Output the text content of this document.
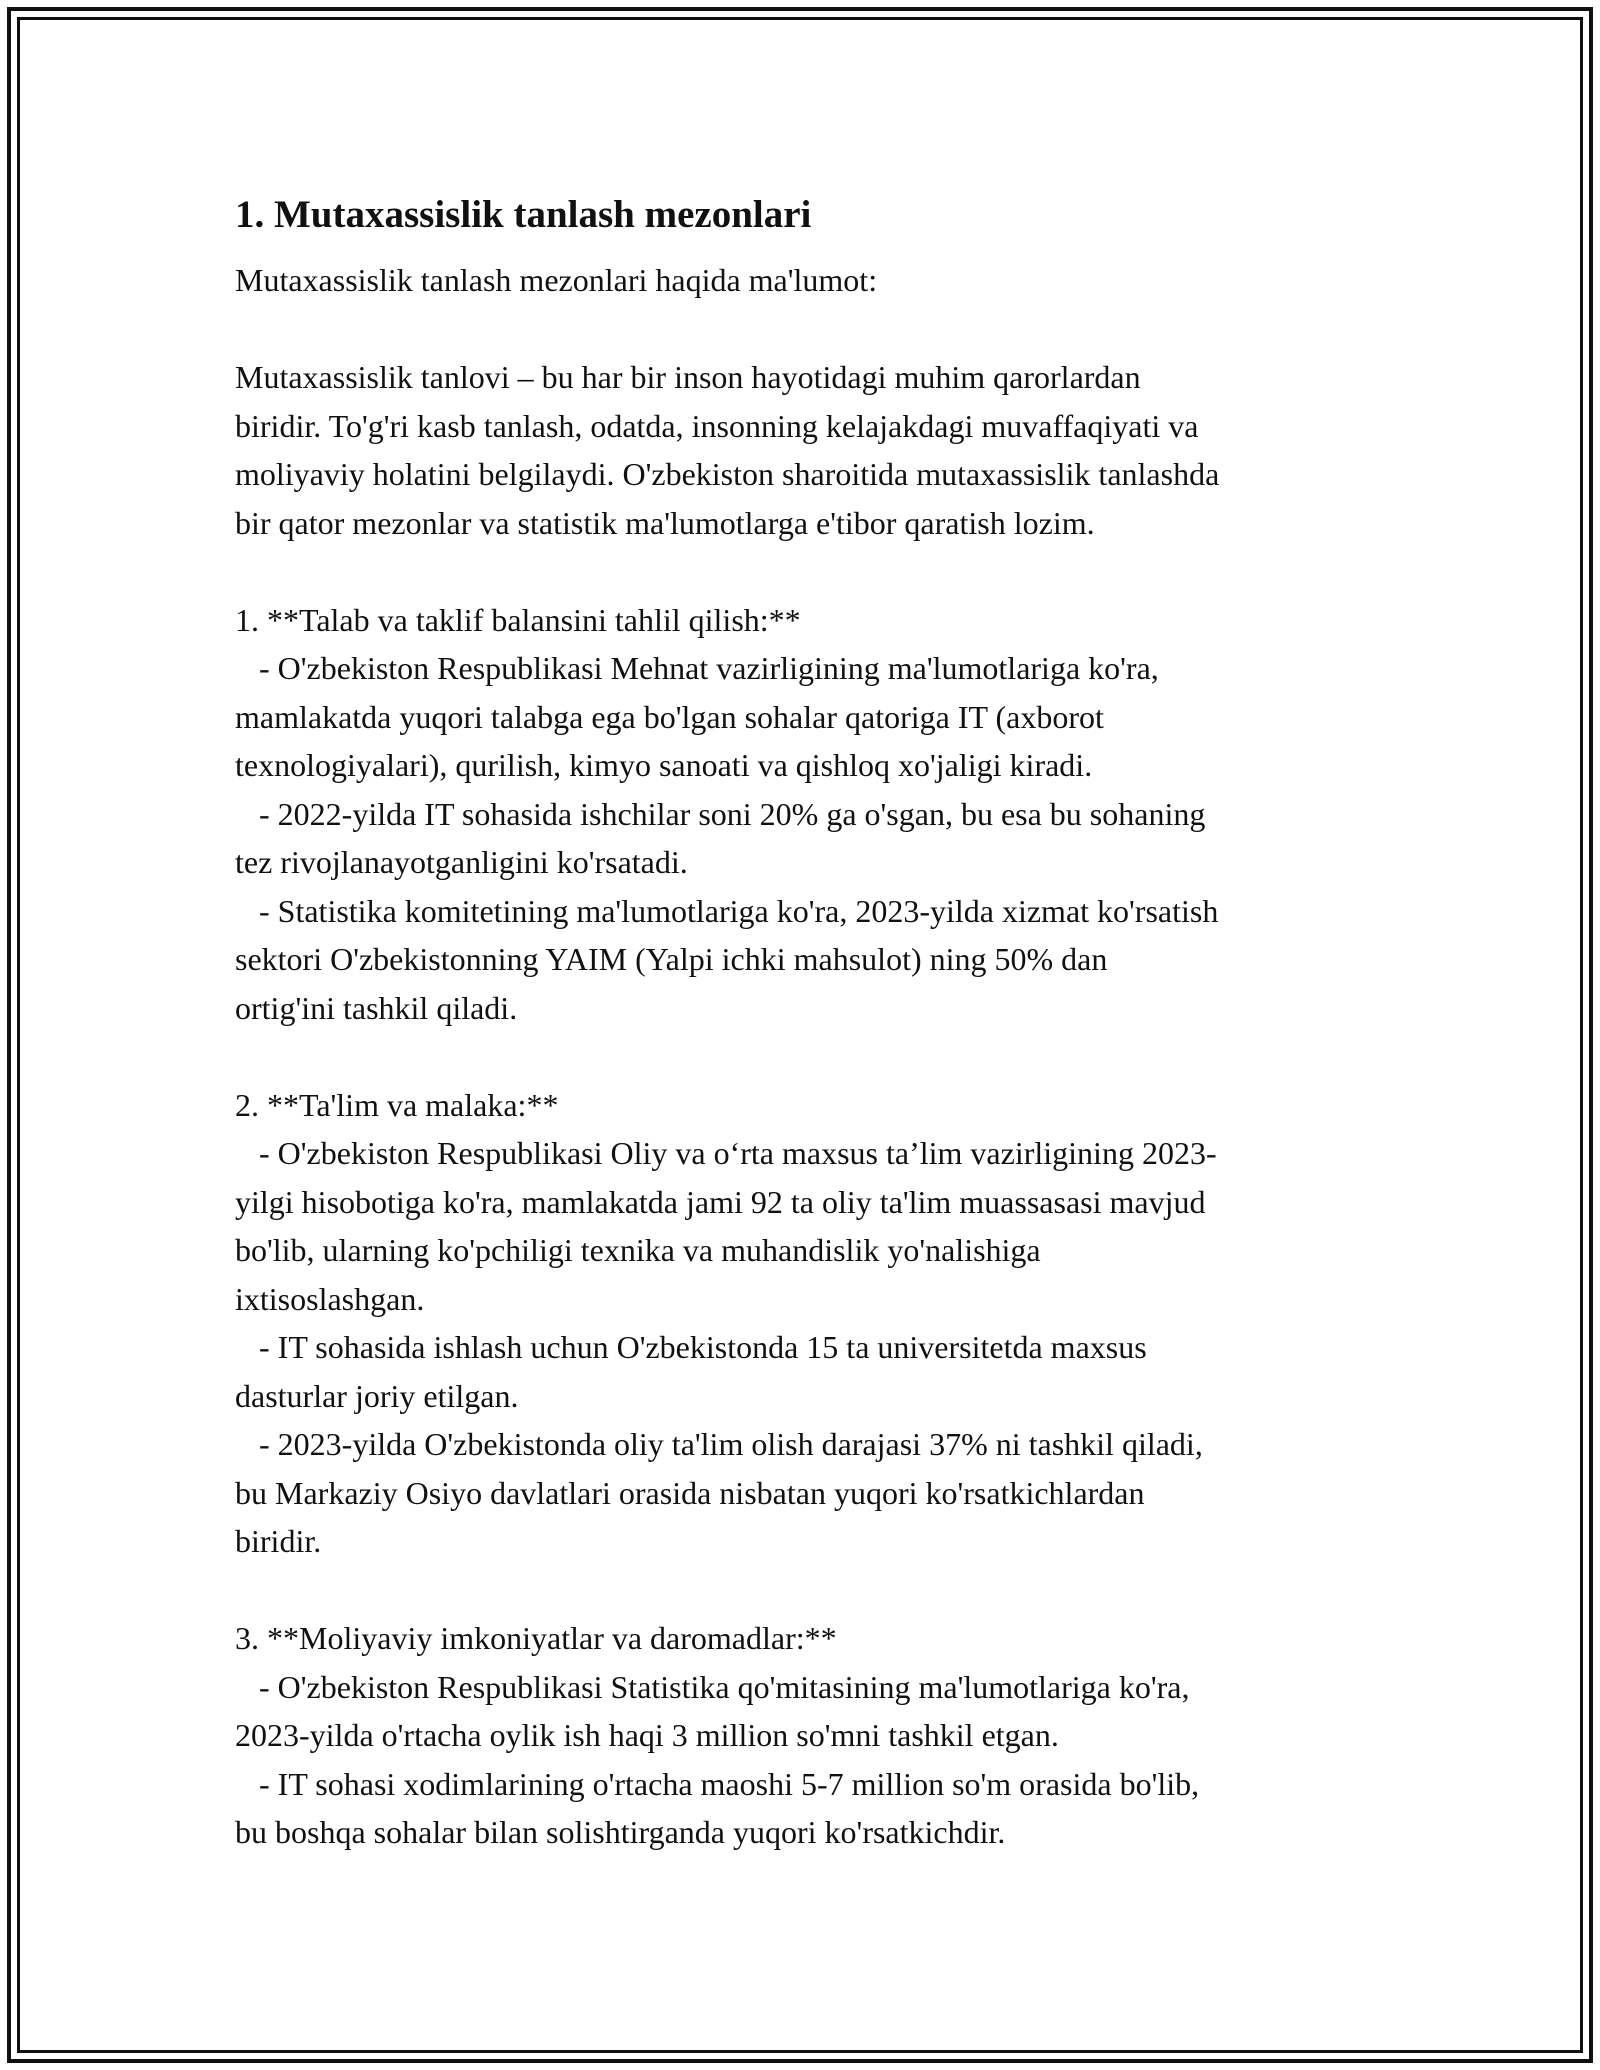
1. Mutaxassislik tanlash mezonlari

Mutaxassislik tanlash mezonlari haqida ma'lumot:

Mutaxassislik tanlovi – bu har bir inson hayotidagi muhim qarorlardan
biridir. To'g'ri kasb tanlash, odatda, insonning kelajakdagi muvaffaqiyati va
moliyaviy holatini belgilaydi. O'zbekiston sharoitida mutaxassislik tanlashda
bir qator mezonlar va statistik ma'lumotlarga e'tibor qaratish lozim.

1. **Talab va taklif balansini tahlil qilish:**

- O'zbekiston Respublikasi Mehnat vazirligining ma'lumotlariga ko'ra,
mamlakatda yuqori talabga ega bo'lgan sohalar qatoriga IT (axborot
texnologiyalari), qurilish, kimyo sanoati va qishloq xo'jaligi kiradi.

- 2022-yilda IT sohasida ishchilar soni 20% ga o'sgan, bu esa bu sohaning
tez rivojlanayotganligini ko'rsatadi.

- Statistika komitetining ma'lumotlariga ko'ra, 2023-yilda xizmat ko'rsatish
sektori O'zbekistonning YAIM (Yalpi ichki mahsulot) ning 50% dan
ortig'ini tashkil qiladi.

2. **Ta'lim va malaka:**

- O'zbekiston Respublikasi Oliy va oʻrta maxsus taʼlim vazirligining 2023-
yilgi hisobotiga ko'ra, mamlakatda jami 92 ta oliy ta'lim muassasasi mavjud
bo'lib, ularning ko'pchiligi texnika va muhandislik yo'nalishiga
ixtisoslashgan.

- IT sohasida ishlash uchun O'zbekistonda 15 ta universitetda maxsus
dasturlar joriy etilgan.

- 2023-yilda O'zbekistonda oliy ta'lim olish darajasi 37% ni tashkil qiladi,
bu Markaziy Osiyo davlatlari orasida nisbatan yuqori ko'rsatkichlardan
biridir.

3. **Moliyaviy imkoniyatlar va daromadlar:**

- O'zbekiston Respublikasi Statistika qo'mitasining ma'lumotlariga ko'ra,
2023-yilda o'rtacha oylik ish haqi 3 million so'mni tashkil etgan.

- IT sohasi xodimlarining o'rtacha maoshi 5-7 million so'm orasida bo'lib,
bu boshqa sohalar bilan solishtirganda yuqori ko'rsatkichdir.
